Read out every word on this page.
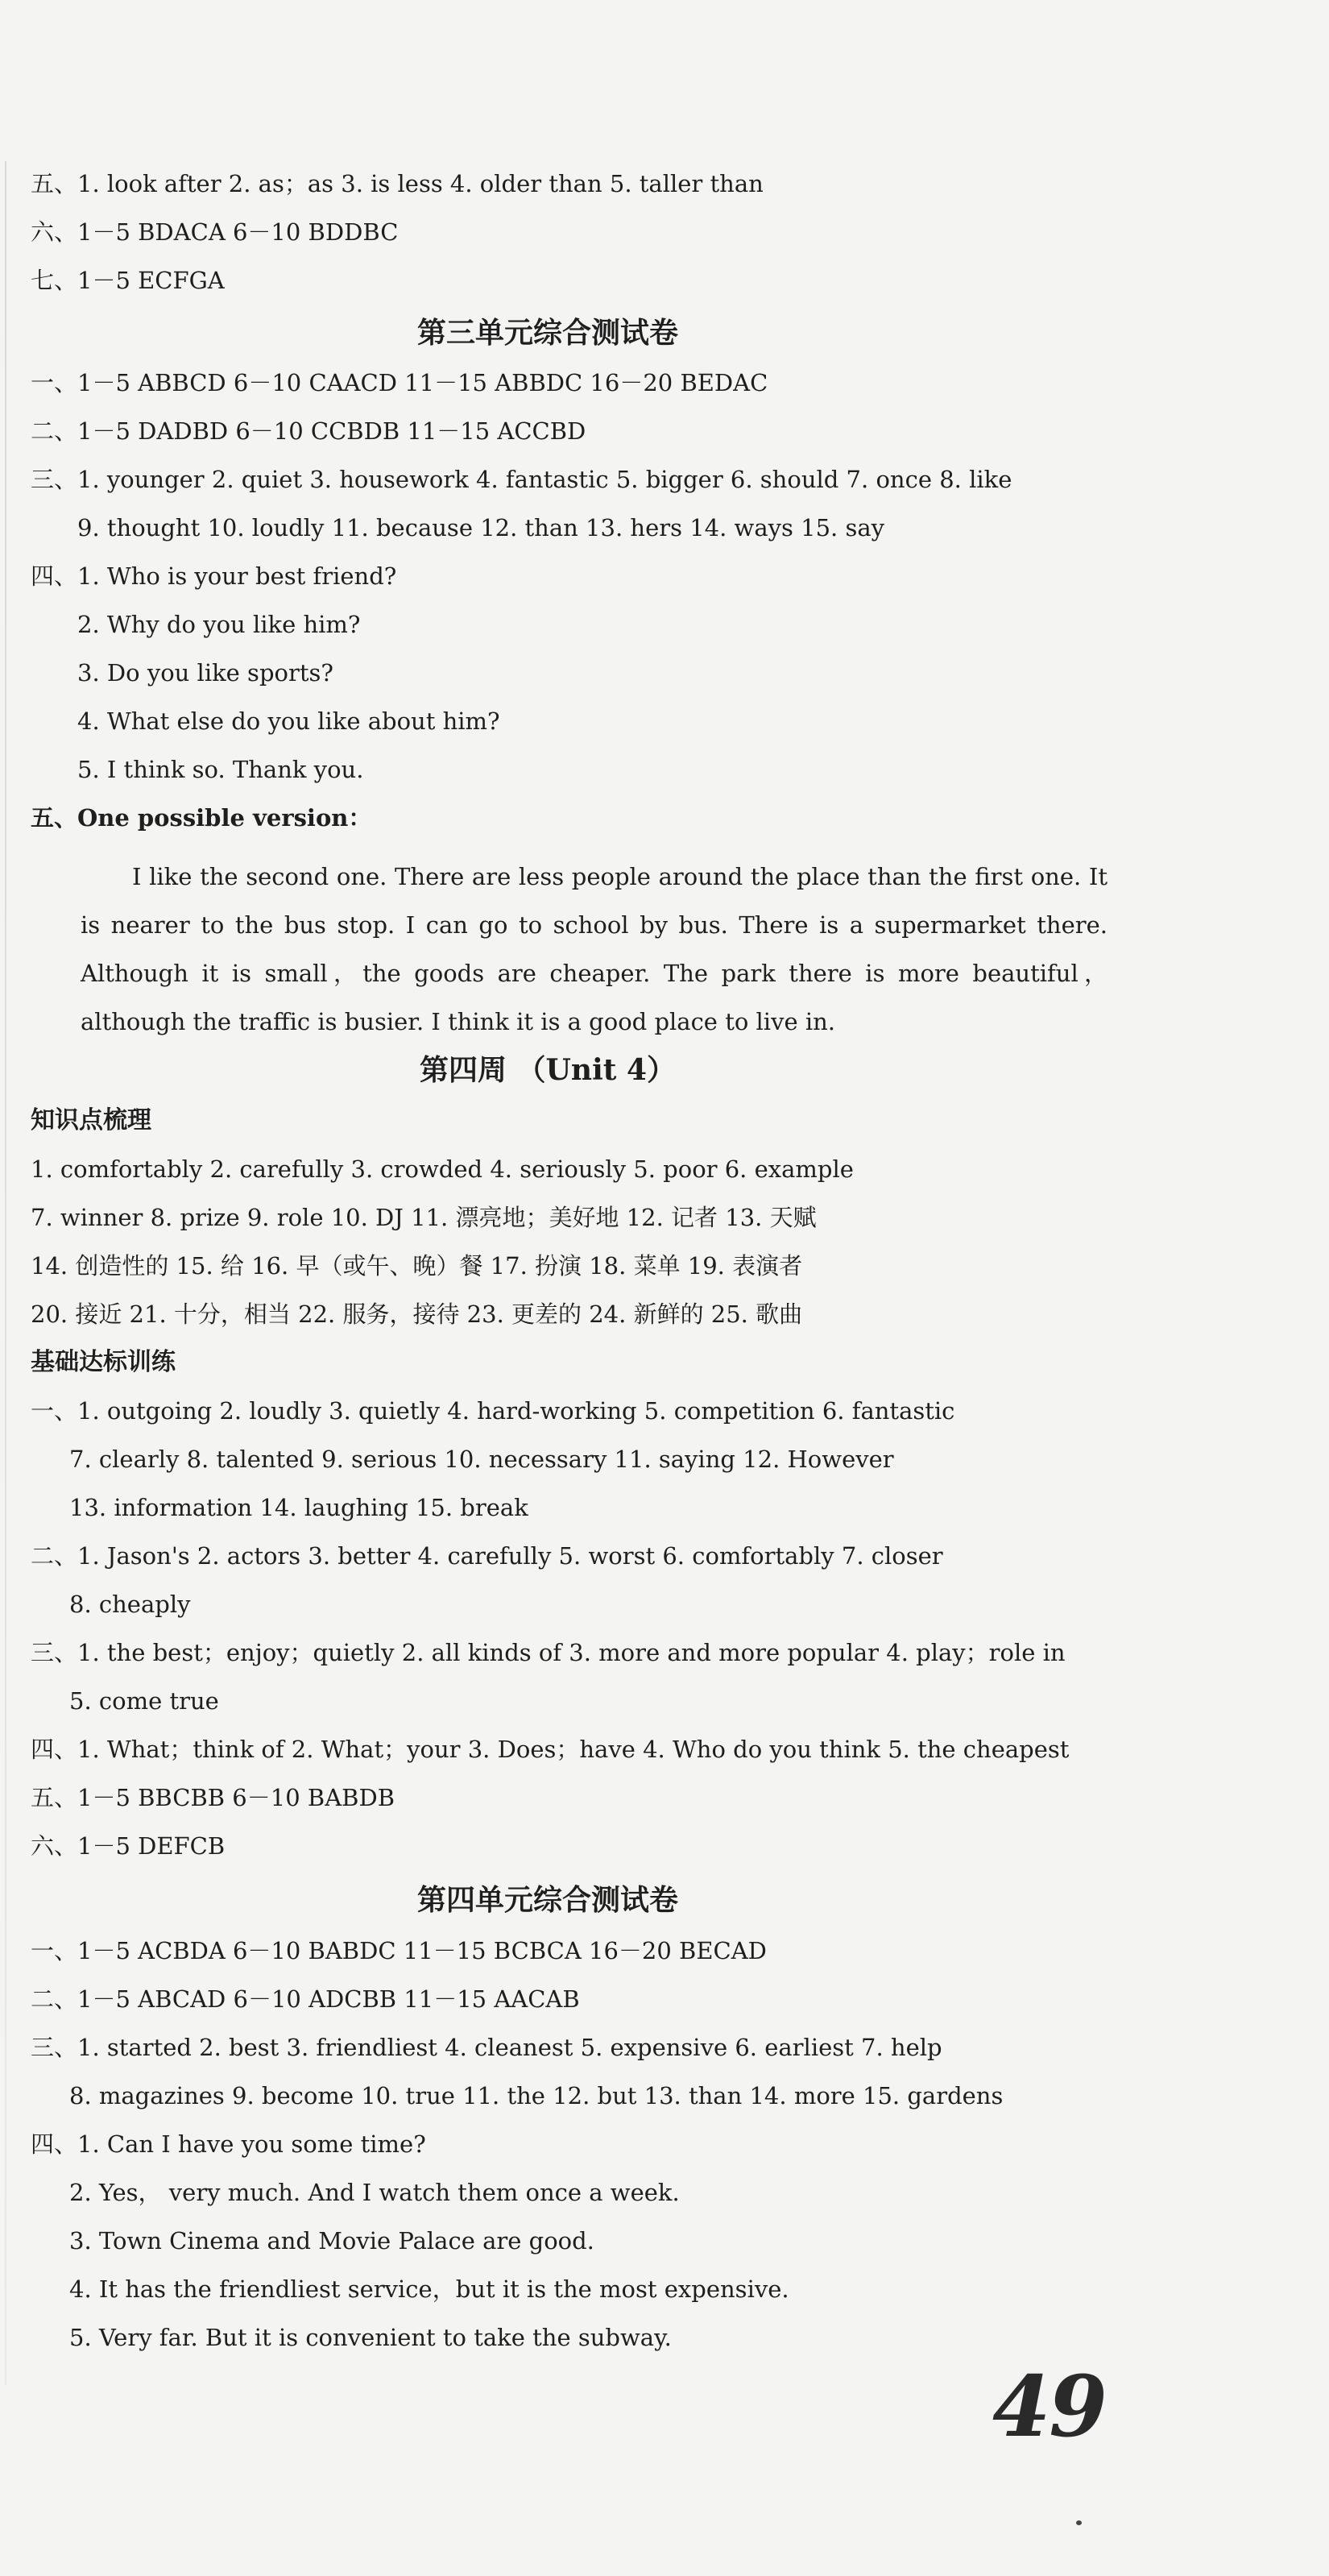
五、1. look after 2. as；as 3. is less 4. older than 5. taller than
六、1－5 BDACA 6－10 BDDBC
七、1－5 ECFGA
第三单元综合测试卷
一、1－5 ABBCD 6－10 CAACD 11－15 ABBDC 16－20 BEDAC
二、1－5 DADBD 6－10 CCBDB 11－15 ACCBD
三、1. younger 2. quiet 3. housework 4. fantastic 5. bigger 6. should 7. once 8. like
9. thought 10. loudly 11. because 12. than 13. hers 14. ways 15. say
四、1. Who is your best friend?
2. Why do you like him?
3. Do you like sports?
4. What else do you like about him?
5. I think so. Thank you.
五、One possible version：

I like the second one. There are less people around the place than the first one. It is nearer to the bus stop. I can go to school by bus. There is a supermarket there. Although it is small，the goods are cheaper. The park there is more beautiful，although the traffic is busier. I think it is a good place to live in.

第四周 （Unit 4）
知识点梳理
1. comfortably 2. carefully 3. crowded 4. seriously 5. poor 6. example
7. winner 8. prize 9. role 10. DJ 11. 漂亮地；美好地 12. 记者 13. 天赋
14. 创造性的 15. 给 16. 早（或午、晚）餐 17. 扮演 18. 菜单 19. 表演者
20. 接近 21. 十分，相当 22. 服务，接待 23. 更差的 24. 新鲜的 25. 歌曲
基础达标训练
一、1. outgoing 2. loudly 3. quietly 4. hard-working 5. competition 6. fantastic
7. clearly 8. talented 9. serious 10. necessary 11. saying 12. However
13. information 14. laughing 15. break
二、1. Jason's 2. actors 3. better 4. carefully 5. worst 6. comfortably 7. closer
8. cheaply
三、1. the best；enjoy；quietly 2. all kinds of 3. more and more popular 4. play；role in
5. come true
四、1. What；think of 2. What；your 3. Does；have 4. Who do you think 5. the cheapest
五、1－5 BBCBB 6－10 BABDB
六、1－5 DEFCB
第四单元综合测试卷
一、1－5 ACBDA 6－10 BABDC 11－15 BCBCA 16－20 BECAD
二、1－5 ABCAD 6－10 ADCBB 11－15 AACAB
三、1. started 2. best 3. friendliest 4. cleanest 5. expensive 6. earliest 7. help
8. magazines 9. become 10. true 11. the 12. but 13. than 14. more 15. gardens
四、1. Can I have you some time?
2. Yes， very much. And I watch them once a week.
3. Town Cinema and Movie Palace are good.
4. It has the friendliest service，but it is the most expensive.
5. Very far. But it is convenient to take the subway.
49
